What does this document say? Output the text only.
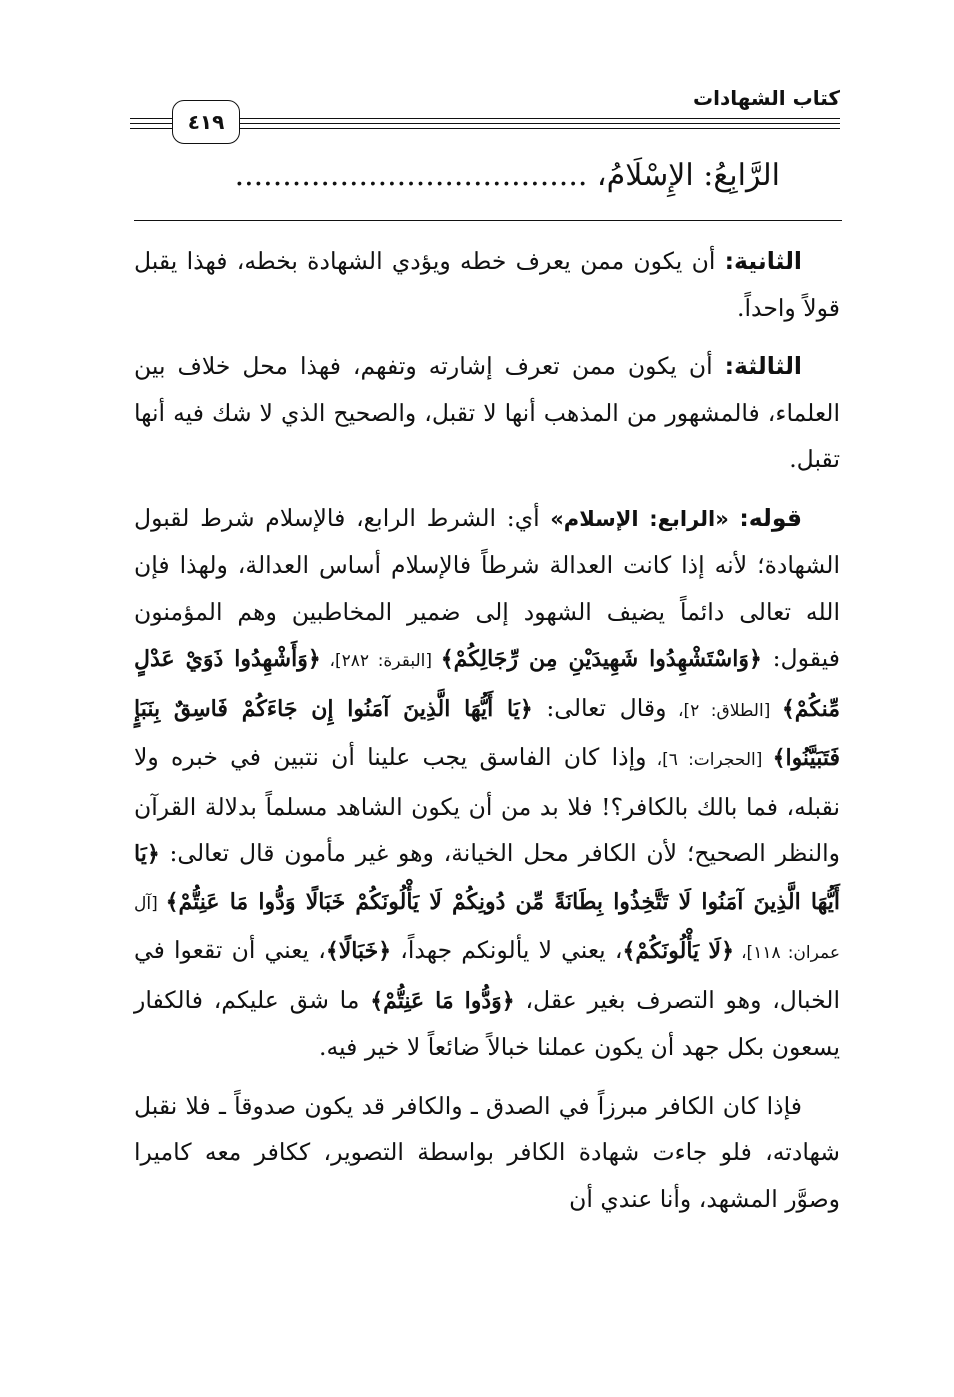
كتاب الشهادات
٤١٩
الرَّابِعُ: الإِسْلَامُ، .....................................

الثانية: أن يكون ممن يعرف خطه ويؤدي الشهادة بخطه، فهذا يقبل قولاً واحداً.

الثالثة: أن يكون ممن تعرف إشارته وتفهم، فهذا محل خلاف بين العلماء، فالمشهور من المذهب أنها لا تقبل، والصحيح الذي لا شك فيه أنها تقبل.

قوله: «الرابع: الإسلام» أي: الشرط الرابع، فالإسلام شرط لقبول الشهادة؛ لأنه إذا كانت العدالة شرطاً فالإسلام أساس العدالة، ولهذا فإن الله تعالى دائماً يضيف الشهود إلى ضمير المخاطبين وهم المؤمنون فيقول: ﴿وَاسْتَشْهِدُوا شَهِيدَيْنِ مِن رِّجَالِكُمْ﴾ [البقرة: ٢٨٢]، ﴿وَأَشْهِدُوا ذَوَيْ عَدْلٍ مِّنكُمْ﴾ [الطلاق: ٢]، وقال تعالى: ﴿يَا أَيُّهَا الَّذِينَ آمَنُوا إِن جَاءَكُمْ فَاسِقٌ بِنَبَإٍ فَتَبَيَّنُوا﴾ [الحجرات: ٦]، وإذا كان الفاسق يجب علينا أن نتبين في خبره ولا نقبله، فما بالك بالكافر؟! فلا بد من أن يكون الشاهد مسلماً بدلالة القرآن والنظر الصحيح؛ لأن الكافر محل الخيانة، وهو غير مأمون قال تعالى: ﴿يَا أَيُّهَا الَّذِينَ آمَنُوا لَا تَتَّخِذُوا بِطَانَةً مِّن دُونِكُمْ لَا يَأْلُونَكُمْ خَبَالًا وَدُّوا مَا عَنِتُّمْ﴾ [آل عمران: ١١٨]، ﴿لَا يَأْلُونَكُمْ﴾، يعني لا يألونكم جهداً، ﴿خَبَالًا﴾، يعني أن تقعوا في الخبال، وهو التصرف بغير عقل، ﴿وَدُّوا مَا عَنِتُّمْ﴾ ما شق عليكم، فالكفار يسعون بكل جهد أن يكون عملنا خبالاً ضائعاً لا خير فيه.

فإذا كان الكافر مبرزاً في الصدق ـ والكافر قد يكون صدوقاً ـ فلا نقبل شهادته، فلو جاءت شهادة الكافر بواسطة التصوير، ككافر معه كاميرا وصوَّر المشهد، وأنا عندي أن
